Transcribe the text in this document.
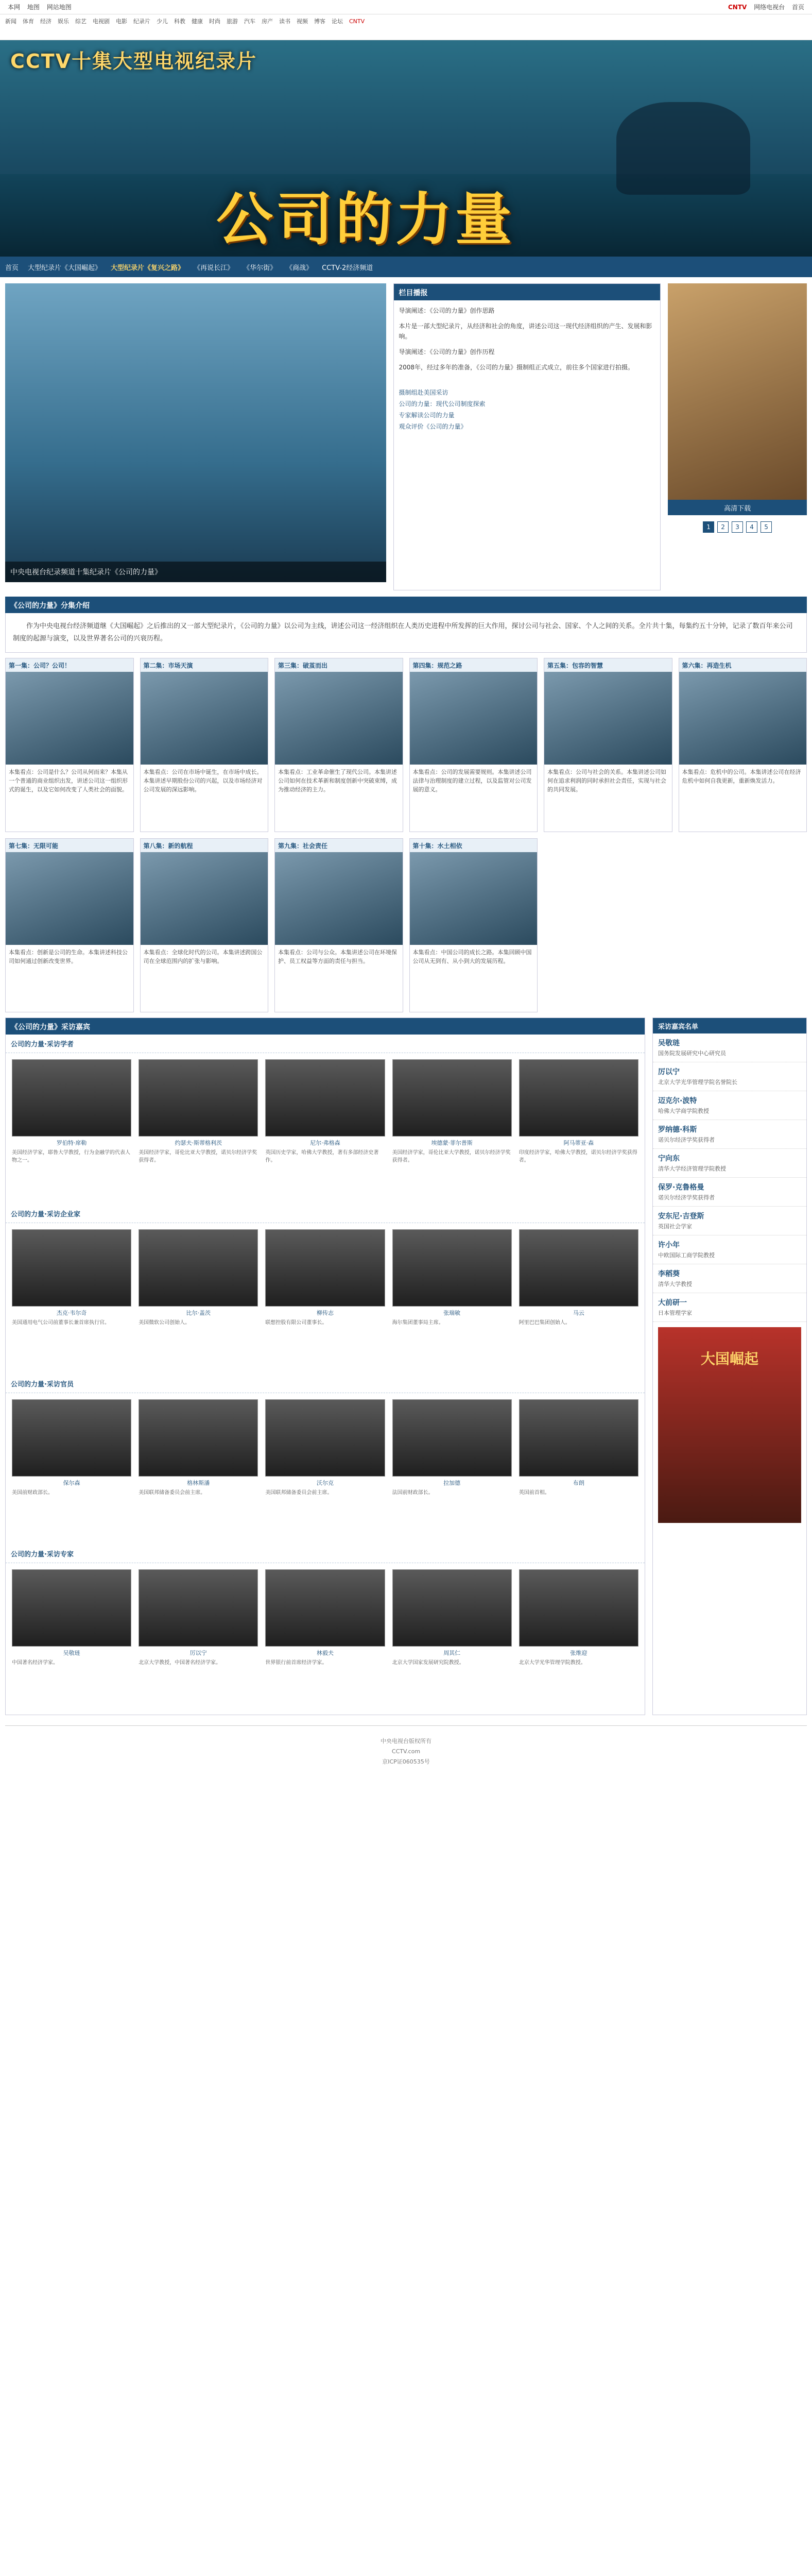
本网 地图 网站地图	CNTV 网络电视台 首页
新闻 体育 经济 娱乐 综艺 电视剧 电影 纪录片 少儿 科教 健康 时尚 旅游 汽车 房产 读书 视频 博客 论坛 CNTV
CCTV十集大型电视纪录片
公司的力量
首页 大型纪录片《大国崛起》 大型纪录片《复兴之路》 《再说长江》 《华尔街》 《商战》 CCTV-2经济频道
中央电视台纪录频道十集纪录片《公司的力量》
栏目播报

导演阐述：《公司的力量》创作思路

本片是一部大型纪录片，从经济和社会的角度，讲述公司这一现代经济组织的产生、发展和影响。

导演阐述：《公司的力量》创作历程

2008年，经过多年的准备，《公司的力量》摄制组正式成立，前往多个国家进行拍摄。

摄制组赴美国采访
公司的力量：现代公司制度探索
专家解读公司的力量
观众评价《公司的力量》
高清下载
1	2	3	4	5
《公司的力量》分集介绍
作为中央电视台经济频道继《大国崛起》之后推出的又一部大型纪录片，《公司的力量》以公司为主线，讲述公司这一经济组织在人类历史进程中所发挥的巨大作用，探讨公司与社会、国家、个人之间的关系。全片共十集，每集约五十分钟，记录了数百年来公司制度的起源与演变，以及世界著名公司的兴衰历程。
第一集：公司？公司！
本集看点：公司是什么？公司从何而来？本集从一个普通的商业组织出发，讲述公司这一组织形式的诞生，以及它如何改变了人类社会的面貌。
第二集：市场天演
本集看点：公司在市场中诞生，在市场中成长。本集讲述早期股份公司的兴起，以及市场经济对公司发展的深远影响。
第三集：破茧而出
本集看点：工业革命催生了现代公司。本集讲述公司如何在技术革新和制度创新中突破束缚，成为推动经济的主力。
第四集：规范之路
本集看点：公司的发展需要规则。本集讲述公司法律与治理制度的建立过程，以及监管对公司发展的意义。
第五集：包容的智慧
本集看点：公司与社会的关系。本集讲述公司如何在追求利润的同时承担社会责任，实现与社会的共同发展。
第六集：再造生机
本集看点：危机中的公司。本集讲述公司在经济危机中如何自我更新，重新焕发活力。
第七集：无限可能
本集看点：创新是公司的生命。本集讲述科技公司如何通过创新改变世界。
第八集：新的航程
本集看点：全球化时代的公司。本集讲述跨国公司在全球范围内的扩张与影响。
第九集：社会责任
本集看点：公司与公众。本集讲述公司在环境保护、员工权益等方面的责任与担当。
第十集：水土相依
本集看点：中国公司的成长之路。本集回顾中国公司从无到有、从小到大的发展历程。
《公司的力量》采访嘉宾
公司的力量·采访学者
罗伯特·席勒
美国经济学家，耶鲁大学教授，行为金融学的代表人物之一。
约瑟夫·斯蒂格利茨
美国经济学家，哥伦比亚大学教授，诺贝尔经济学奖获得者。
尼尔·弗格森
英国历史学家，哈佛大学教授，著有多部经济史著作。
埃德蒙·菲尔普斯
美国经济学家，哥伦比亚大学教授，诺贝尔经济学奖获得者。
阿马蒂亚·森
印度经济学家，哈佛大学教授，诺贝尔经济学奖获得者。
公司的力量·采访企业家
杰克·韦尔奇
美国通用电气公司前董事长兼首席执行官。
比尔·盖茨
美国微软公司创始人。
柳传志
联想控股有限公司董事长。
张瑞敏
海尔集团董事局主席。
马云
阿里巴巴集团创始人。
公司的力量·采访官员
保尔森
美国前财政部长。
格林斯潘
美国联邦储备委员会前主席。
沃尔克
美国联邦储备委员会前主席。
拉加德
法国前财政部长。
布朗
英国前首相。
公司的力量·采访专家
吴敬琏
中国著名经济学家。
厉以宁
北京大学教授，中国著名经济学家。
林毅夫
世界银行前首席经济学家。
周其仁
北京大学国家发展研究院教授。
张维迎
北京大学光华管理学院教授。
采访嘉宾名单
吴敬琏
国务院发展研究中心研究员
厉以宁
北京大学光华管理学院名誉院长
迈克尔·波特
哈佛大学商学院教授
罗纳德·科斯
诺贝尔经济学奖获得者
宁向东
清华大学经济管理学院教授
保罗·克鲁格曼
诺贝尔经济学奖获得者
安东尼·吉登斯
英国社会学家
许小年
中欧国际工商学院教授
李稻葵
清华大学教授
大前研一
日本管理学家
大国崛起
中央电视台版权所有
CCTV.com
京ICP证060535号
